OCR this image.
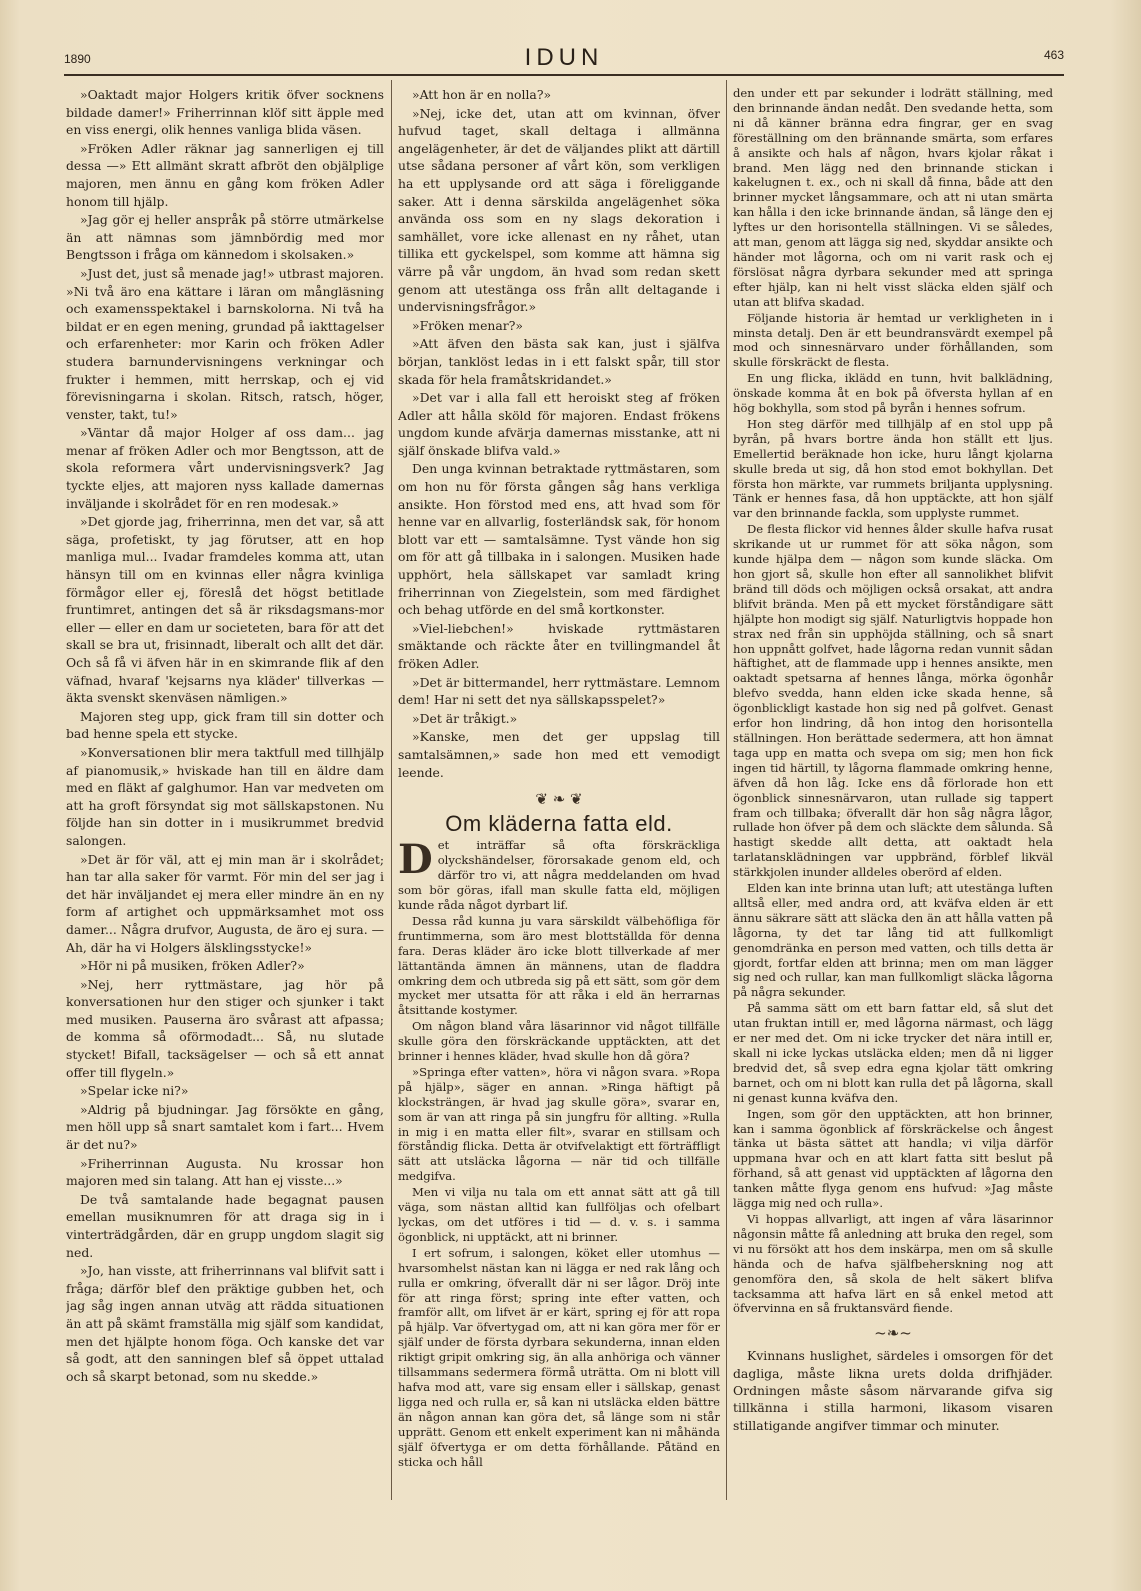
1890	IDUN	463

»Oaktadt major Holgers kritik öfver socknens bildade damer!» Friherrinnan klöf sitt äpple med en viss energi, olik hennes vanliga blida väsen.

»Fröken Adler räknar jag sannerligen ej till dessa —» Ett allmänt skratt afbröt den objälplige majoren, men ännu en gång kom fröken Adler honom till hjälp.

»Jag gör ej heller anspråk på större utmärkelse än att nämnas som jämnbördig med mor Bengtsson i fråga om kännedom i skolsaken.»

»Just det, just så menade jag!» utbrast majoren. »Ni två äro ena kättare i läran om mångläsning och examensspektakel i barnskolorna. Ni två ha bildat er en egen mening, grundad på iakttagelser och erfarenheter: mor Karin och fröken Adler studera barnundervisningens verkningar och frukter i hemmen, mitt herrskap, och ej vid förevisningarna i skolan. Ritsch, ratsch, höger, venster, takt, tu!»

»Väntar då major Holger af oss dam... jag menar af fröken Adler och mor Bengtsson, att de skola reformera vårt undervisningsverk? Jag tyckte eljes, att majoren nyss kallade damernas inväljande i skolrådet för en ren modesak.»

»Det gjorde jag, friherrinna, men det var, så att säga, profetiskt, ty jag förutser, att en hop manliga mul... Ivadar framdeles komma att, utan hänsyn till om en kvinnas eller några kvinliga förmågor eller ej, föreslå det högst betitlade fruntimret, antingen det så är riksdagsmans-mor eller — eller en dam ur societeten, bara för att det skall se bra ut, frisinnadt, liberalt och allt det där. Och så få vi äfven här in en skimrande flik af den väfnad, hvaraf 'kejsarns nya kläder' tillverkas — äkta svenskt skenväsen nämligen.»

Majoren steg upp, gick fram till sin dotter och bad henne spela ett stycke.

»Konversationen blir mera taktfull med tillhjälp af pianomusik,» hviskade han till en äldre dam med en fläkt af galghumor. Han var medveten om att ha groft försyndat sig mot sällskapstonen. Nu följde han sin dotter in i musikrummet bredvid salongen.

»Det är för väl, att ej min man är i skolrådet; han tar alla saker för varmt. För min del ser jag i det här inväljandet ej mera eller mindre än en ny form af artighet och uppmärksamhet mot oss damer... Några drufvor, Augusta, de äro ej sura. — Ah, där ha vi Holgers älsklingsstycke!»

»Hör ni på musiken, fröken Adler?»

»Nej, herr ryttmästare, jag hör på konversationen hur den stiger och sjunker i takt med musiken. Pauserna äro svårast att afpassa; de komma så oförmodadt... Så, nu slutade stycket! Bifall, tacksägelser — och så ett annat offer till flygeln.»

»Spelar icke ni?»

»Aldrig på bjudningar. Jag försökte en gång, men höll upp så snart samtalet kom i fart... Hvem är det nu?»

»Friherrinnan Augusta. Nu krossar hon majoren med sin talang. Att han ej visste...»

De två samtalande hade begagnat pausen emellan musiknumren för att draga sig in i vinterträdgården, där en grupp ungdom slagit sig ned.

»Jo, han visste, att friherrinnans val blifvit satt i fråga; därför blef den präktige gubben het, och jag såg ingen annan utväg att rädda situationen än att på skämt framställa mig själf som kandidat, men det hjälpte honom föga. Och kanske det var så godt, att den sanningen blef så öppet uttalad och så skarpt betonad, som nu skedde.»

»Att hon är en nolla?»

»Nej, icke det, utan att om kvinnan, öfver hufvud taget, skall deltaga i allmänna angelägenheter, är det de väljandes plikt att därtill utse sådana personer af vårt kön, som verkligen ha ett upplysande ord att säga i föreliggande saker. Att i denna särskilda angelägenhet söka använda oss som en ny slags dekoration i samhället, vore icke allenast en ny råhet, utan tillika ett gyckelspel, som komme att hämna sig värre på vår ungdom, än hvad som redan skett genom att utestänga oss från allt deltagande i undervisningsfrågor.»

»Fröken menar?»

»Att äfven den bästa sak kan, just i själfva början, tanklöst ledas in i ett falskt spår, till stor skada för hela framåtskridandet.»

»Det var i alla fall ett heroiskt steg af fröken Adler att hålla sköld för majoren. Endast frökens ungdom kunde afvärja damernas misstanke, att ni själf önskade blifva vald.»

Den unga kvinnan betraktade ryttmästaren, som om hon nu för första gången såg hans verkliga ansikte. Hon förstod med ens, att hvad som för henne var en allvarlig, fosterländsk sak, för honom blott var ett — samtalsämne. Tyst vände hon sig om för att gå tillbaka in i salongen. Musiken hade upphört, hela sällskapet var samladt kring friherrinnan von Ziegelstein, som med färdighet och behag utförde en del små kortkonster.

»Viel-liebchen!» hviskade ryttmästaren smäktande och räckte åter en tvillingmandel åt fröken Adler.

»Det är bittermandel, herr ryttmästare. Lemnom dem! Har ni sett det nya sällskapsspelet?»

»Det är tråkigt.»

»Kanske, men det ger uppslag till samtalsämnen,» sade hon med ett vemodigt leende.

❦ ❧ ❦
Om kläderna fatta eld.

Det inträffar så ofta förskräckliga olyckshändelser, förorsakade genom eld, och därför tro vi, att några meddelanden om hvad som bör göras, ifall man skulle fatta eld, möjligen kunde råda något dyrbart lif.

Dessa råd kunna ju vara särskildt välbehöfliga för fruntimmerna, som äro mest blottställda för denna fara. Deras kläder äro icke blott tillverkade af mer lättantända ämnen än männens, utan de fladdra omkring dem och utbreda sig på ett sätt, som gör dem mycket mer utsatta för att råka i eld än herrarnas åtsittande kostymer.

Om någon bland våra läsarinnor vid något tillfälle skulle göra den förskräckande upptäckten, att det brinner i hennes kläder, hvad skulle hon då göra?

»Springa efter vatten», höra vi någon svara. »Ropa på hjälp», säger en annan. »Ringa häftigt på klocksträngen, är hvad jag skulle göra», svarar en, som är van att ringa på sin jungfru för allting. »Rulla in mig i en matta eller filt», svarar en stillsam och förståndig flicka. Detta är otvifvelaktigt ett förträffligt sätt att utsläcka lågorna — när tid och tillfälle medgifva.

Men vi vilja nu tala om ett annat sätt att gå till väga, som nästan alltid kan fullföljas och ofelbart lyckas, om det utföres i tid — d. v. s. i samma ögonblick, ni upptäckt, att ni brinner.

I ert sofrum, i salongen, köket eller utomhus — hvarsomhelst nästan kan ni lägga er ned rak lång och rulla er omkring, öfverallt där ni ser lågor. Dröj inte för att ringa först; spring inte efter vatten, och framför allt, om lifvet är er kärt, spring ej för att ropa på hjälp. Var öfvertygad om, att ni kan göra mer för er själf under de första dyrbara sekunderna, innan elden riktigt gripit omkring sig, än alla anhöriga och vänner tillsammans sedermera förmå uträtta. Om ni blott vill hafva mod att, vare sig ensam eller i sällskap, genast ligga ned och rulla er, så kan ni utsläcka elden bättre än någon annan kan göra det, så länge som ni står upprätt. Genom ett enkelt experiment kan ni måhända själf öfvertyga er om detta förhållande. Påtänd en sticka och håll

den under ett par sekunder i lodrätt ställning, med den brinnande ändan nedåt. Den svedande hetta, som ni då känner bränna edra fingrar, ger en svag föreställning om den brännande smärta, som erfares å ansikte och hals af någon, hvars kjolar råkat i brand. Men lägg ned den brinnande stickan i kakelugnen t. ex., och ni skall då finna, både att den brinner mycket långsammare, och att ni utan smärta kan hålla i den icke brinnande ändan, så länge den ej lyftes ur den horisontella ställningen. Vi se således, att man, genom att lägga sig ned, skyddar ansikte och händer mot lågorna, och om ni varit rask och ej förslösat några dyrbara sekunder med att springa efter hjälp, kan ni helt visst släcka elden själf och utan att blifva skadad.

Följande historia är hemtad ur verkligheten in i minsta detalj. Den är ett beundransvärdt exempel på mod och sinnesnärvaro under förhållanden, som skulle förskräckt de flesta.

En ung flicka, iklädd en tunn, hvit balklädning, önskade komma åt en bok på öfversta hyllan af en hög bokhylla, som stod på byrån i hennes sofrum.

Hon steg därför med tillhjälp af en stol upp på byrån, på hvars bortre ända hon ställt ett ljus. Emellertid beräknade hon icke, huru långt kjolarna skulle breda ut sig, då hon stod emot bokhyllan. Det första hon märkte, var rummets briljanta upplysning. Tänk er hennes fasa, då hon upptäckte, att hon själf var den brinnande fackla, som upplyste rummet.

De flesta flickor vid hennes ålder skulle hafva rusat skrikande ut ur rummet för att söka någon, som kunde hjälpa dem — någon som kunde släcka. Om hon gjort så, skulle hon efter all sannolikhet blifvit bränd till döds och möjligen också orsakat, att andra blifvit brända. Men på ett mycket förståndigare sätt hjälpte hon modigt sig själf. Naturligtvis hoppade hon strax ned från sin upphöjda ställning, och så snart hon uppnått golfvet, hade lågorna redan vunnit sådan häftighet, att de flammade upp i hennes ansikte, men oaktadt spetsarna af hennes långa, mörka ögonhår blefvo svedda, hann elden icke skada henne, så ögonblickligt kastade hon sig ned på golfvet. Genast erfor hon lindring, då hon intog den horisontella ställningen. Hon berättade sedermera, att hon ämnat taga upp en matta och svepa om sig; men hon fick ingen tid härtill, ty lågorna flammade omkring henne, äfven då hon låg. Icke ens då förlorade hon ett ögonblick sinnesnärvaron, utan rullade sig tappert fram och tillbaka; öfverallt där hon såg några lågor, rullade hon öfver på dem och släckte dem sålunda. Så hastigt skedde allt detta, att oaktadt hela tarlatansklädningen var uppbränd, förblef likväl stärkkjolen inunder alldeles oberörd af elden.

Elden kan inte brinna utan luft; att utestänga luften alltså eller, med andra ord, att kväfva elden är ett ännu säkrare sätt att släcka den än att hålla vatten på lågorna, ty det tar lång tid att fullkomligt genomdränka en person med vatten, och tills detta är gjordt, fortfar elden att brinna; men om man lägger sig ned och rullar, kan man fullkomligt släcka lågorna på några sekunder.

På samma sätt om ett barn fattar eld, så slut det utan fruktan intill er, med lågorna närmast, och lägg er ner med det. Om ni icke trycker det nära intill er, skall ni icke lyckas utsläcka elden; men då ni ligger bredvid det, så svep edra egna kjolar tätt omkring barnet, och om ni blott kan rulla det på lågorna, skall ni genast kunna kväfva den.

Ingen, som gör den upptäckten, att hon brinner, kan i samma ögonblick af förskräckelse och ångest tänka ut bästa sättet att handla; vi vilja därför uppmana hvar och en att klart fatta sitt beslut på förhand, så att genast vid upptäckten af lågorna den tanken måtte flyga genom ens hufvud: »Jag måste lägga mig ned och rulla».

Vi hoppas allvarligt, att ingen af våra läsarinnor någonsin måtte få anledning att bruka den regel, som vi nu försökt att hos dem inskärpa, men om så skulle hända och de hafva själfbeherskning nog att genomföra den, så skola de helt säkert blifva tacksamma att hafva lärt en så enkel metod att öfvervinna en så fruktansvärd fiende.

~❧~

Kvinnans huslighet, särdeles i omsorgen för det dagliga, måste likna urets dolda drifhjäder. Ordningen måste såsom närvarande gifva sig tillkänna i stilla harmoni, likasom visaren stillatigande angifver timmar och minuter.
